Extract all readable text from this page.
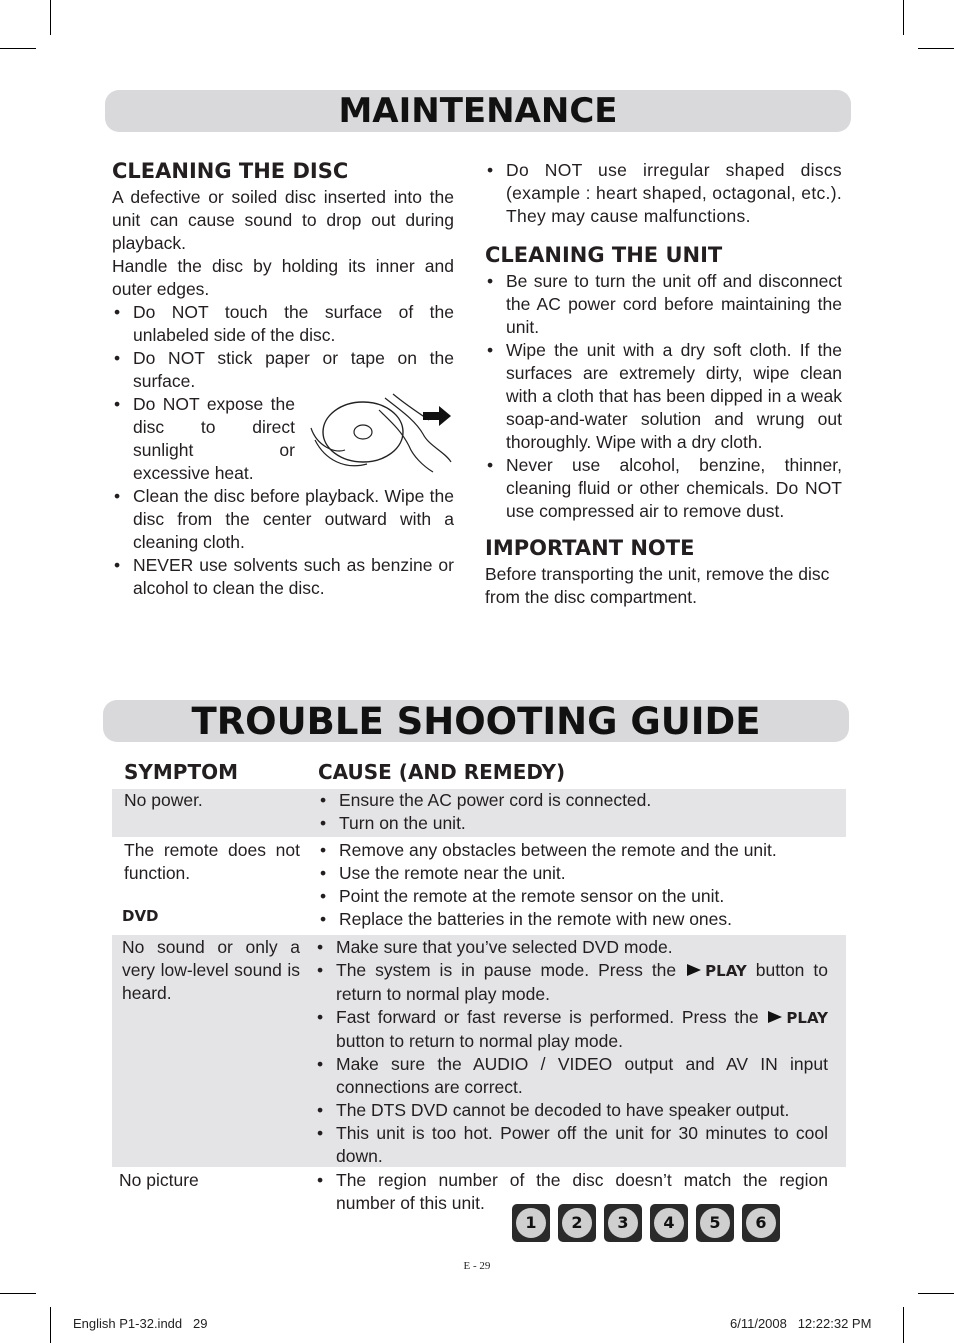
MAINTENANCE
CLEANING THE DISC

A defective or soiled disc inserted into the unit can cause sound to drop out during playback.

Handle the disc by holding its inner and outer edges.

• Do NOT touch the surface of the unlabeled side of the disc.
• Do NOT stick paper or tape on the surface.
• Do NOT expose the disc to direct sunlight or excessive heat.
• Clean the disc before playback. Wipe the disc from the center outward with a cleaning cloth.
• NEVER use solvents such as benzine or alcohol to clean the disc.
• Do NOT use irregular shaped discs (example : heart shaped, octagonal, etc.). They may cause malfunctions.
CLEANING THE UNIT
• Be sure to turn the unit off and disconnect the AC power cord before maintaining the unit.
• Wipe the unit with a dry soft cloth. If the surfaces are extremely dirty, wipe clean with a cloth that has been dipped in a weak soap-and-water solution and wrung out thoroughly. Wipe with a dry cloth.
• Never use alcohol, benzine, thinner, cleaning fluid or other chemicals. Do NOT use compressed air to remove dust.
IMPORTANT NOTE

Before transporting the unit, remove the disc from the disc compartment.

TROUBLE SHOOTING GUIDE
SYMPTOM	CAUSE (AND REMEDY)
No power.	• Ensure the AC power cord is connected.
• Turn on the unit.
The remote does not function.
• Remove any obstacles between the remote and the unit.
• Use the remote near the unit.
• Point the remote at the remote sensor on the unit.
• Replace the batteries in the remote with new ones.
DVD
No sound or only a very low-level sound is heard.
• Make sure that you’ve selected DVD mode.
• The system is in pause mode. Press the PLAY button to return to normal play mode.
• Fast forward or fast reverse is performed. Press the PLAY button to return to normal play mode.
• Make sure the AUDIO / VIDEO output and AV IN input connections are correct.
• The DTS DVD cannot be decoded to have speaker output.
• This unit is too hot. Power off the unit for 30 minutes to cool down.
No picture	• The region number of the disc doesn’t match the region number of this unit.
1	2	3	4	5	6
E - 29
English P1-32.indd   29	6/11/2008   12:22:32 PM
